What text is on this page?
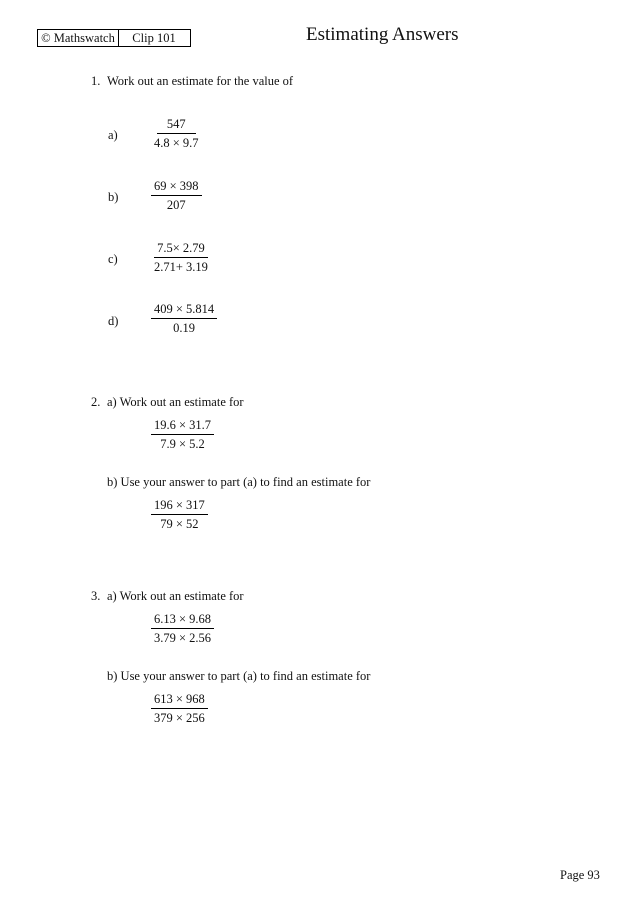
© Mathswatch	Clip 101	Estimating Answers
1. Work out an estimate for the value of
a)	$\frac{547}{4.8 \times 9.7}$
b)	$\frac{69 \times 398}{207}$
c)	$\frac{7.5\times 2.79}{2.71+ 3.19}$
d)	$\frac{409 \times 5.814}{0.19}$
2. a) Work out an estimate for
$\frac{19.6 \times 31.7}{7.9 \times 5.2}$
b) Use your answer to part (a) to find an estimate for
$\frac{196 \times 317}{79 \times 52}$
3. a) Work out an estimate for
$\frac{6.13 \times 9.68}{3.79 \times 2.56}$
b) Use your answer to part (a) to find an estimate for
$\frac{613 \times 968}{379 \times 256}$
Page 93
